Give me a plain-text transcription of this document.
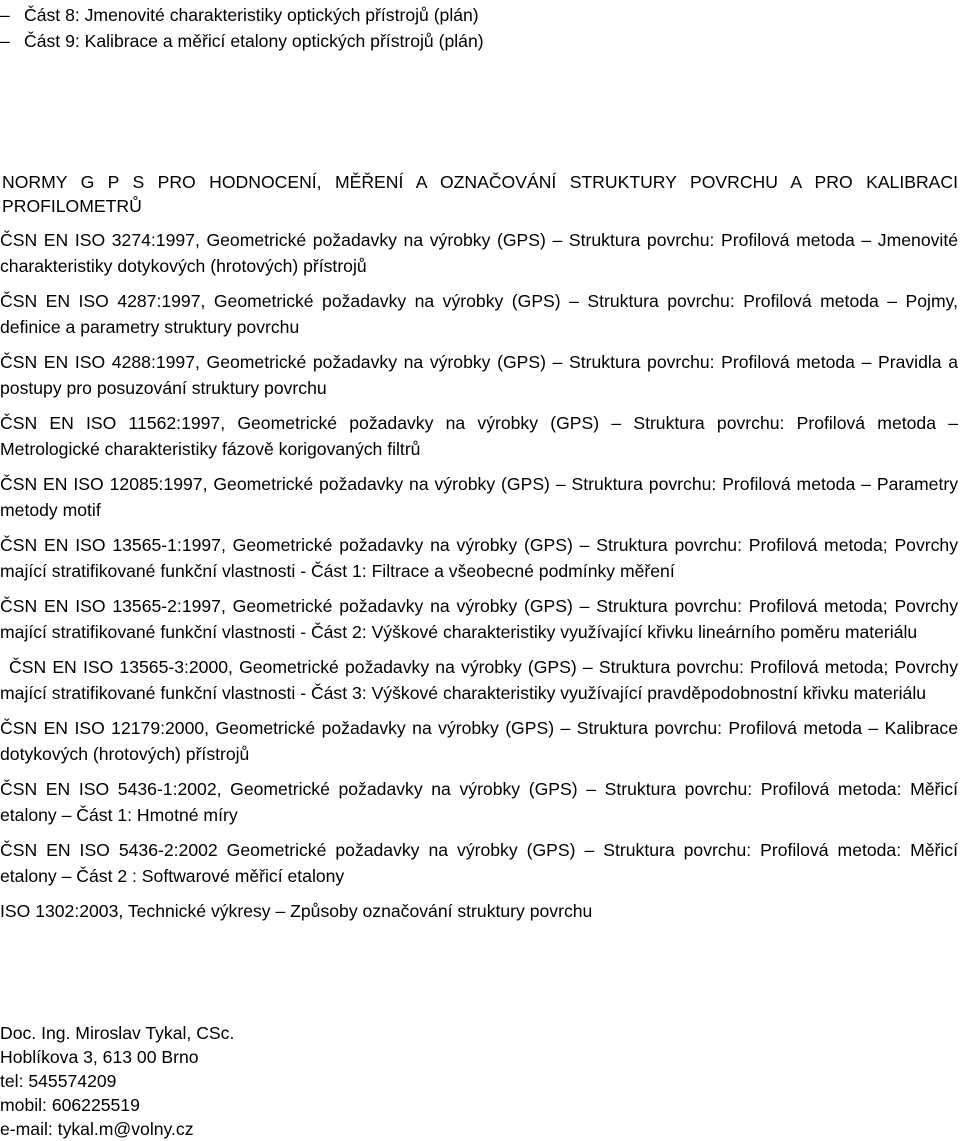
– Část 8: Jmenovité charakteristiky optických přístrojů (plán)
– Část 9: Kalibrace a měřicí etalony optických přístrojů (plán)
NORMY G P S PRO HODNOCENÍ, MĚŘENÍ A OZNAČOVÁNÍ STRUKTURY POVRCHU A PRO KALIBRACI PROFILOMETRŮ

ČSN EN ISO 3274:1997, Geometrické požadavky na výrobky (GPS) – Struktura povrchu: Profilová metoda – Jmenovité charakteristiky dotykových (hrotových) přístrojů

ČSN EN ISO 4287:1997, Geometrické požadavky na výrobky (GPS) – Struktura povrchu: Profilová metoda – Pojmy, definice a parametry struktury povrchu

ČSN EN ISO 4288:1997, Geometrické požadavky na výrobky (GPS) – Struktura povrchu: Profilová metoda – Pravidla a postupy pro posuzování struktury povrchu

ČSN EN ISO 11562:1997, Geometrické požadavky na výrobky (GPS) – Struktura povrchu: Profilová metoda – Metrologické charakteristiky fázově korigovaných filtrů

ČSN EN ISO 12085:1997, Geometrické požadavky na výrobky (GPS) – Struktura povrchu: Profilová metoda – Parametry metody motif

ČSN EN ISO 13565-1:1997, Geometrické požadavky na výrobky (GPS) – Struktura povrchu: Profilová metoda; Povrchy mající stratifikované funkční vlastnosti - Část 1: Filtrace a všeobecné podmínky měření

ČSN EN ISO 13565-2:1997, Geometrické požadavky na výrobky (GPS) – Struktura povrchu: Profilová metoda; Povrchy mající stratifikované funkční vlastnosti - Část 2: Výškové charakteristiky využívající křivku lineárního poměru materiálu

ČSN EN ISO 13565-3:2000, Geometrické požadavky na výrobky (GPS) – Struktura povrchu: Profilová metoda; Povrchy mající stratifikované funkční vlastnosti - Část 3: Výškové charakteristiky využívající pravděpodobnostní křivku materiálu

ČSN EN ISO 12179:2000, Geometrické požadavky na výrobky (GPS) – Struktura povrchu: Profilová metoda – Kalibrace dotykových (hrotových) přístrojů

ČSN EN ISO 5436-1:2002, Geometrické požadavky na výrobky (GPS) – Struktura povrchu: Profilová metoda: Měřicí etalony – Část 1: Hmotné míry

ČSN EN ISO 5436-2:2002 Geometrické požadavky na výrobky (GPS) – Struktura povrchu: Profilová metoda: Měřicí etalony – Část 2 : Softwarové měřicí etalony

ISO 1302:2003, Technické výkresy – Způsoby označování struktury povrchu

Doc. Ing. Miroslav Tykal, CSc.
Hoblíkova 3, 613 00 Brno
tel: 545574209
mobil: 606225519
e-mail: tykal.m@volny.cz
